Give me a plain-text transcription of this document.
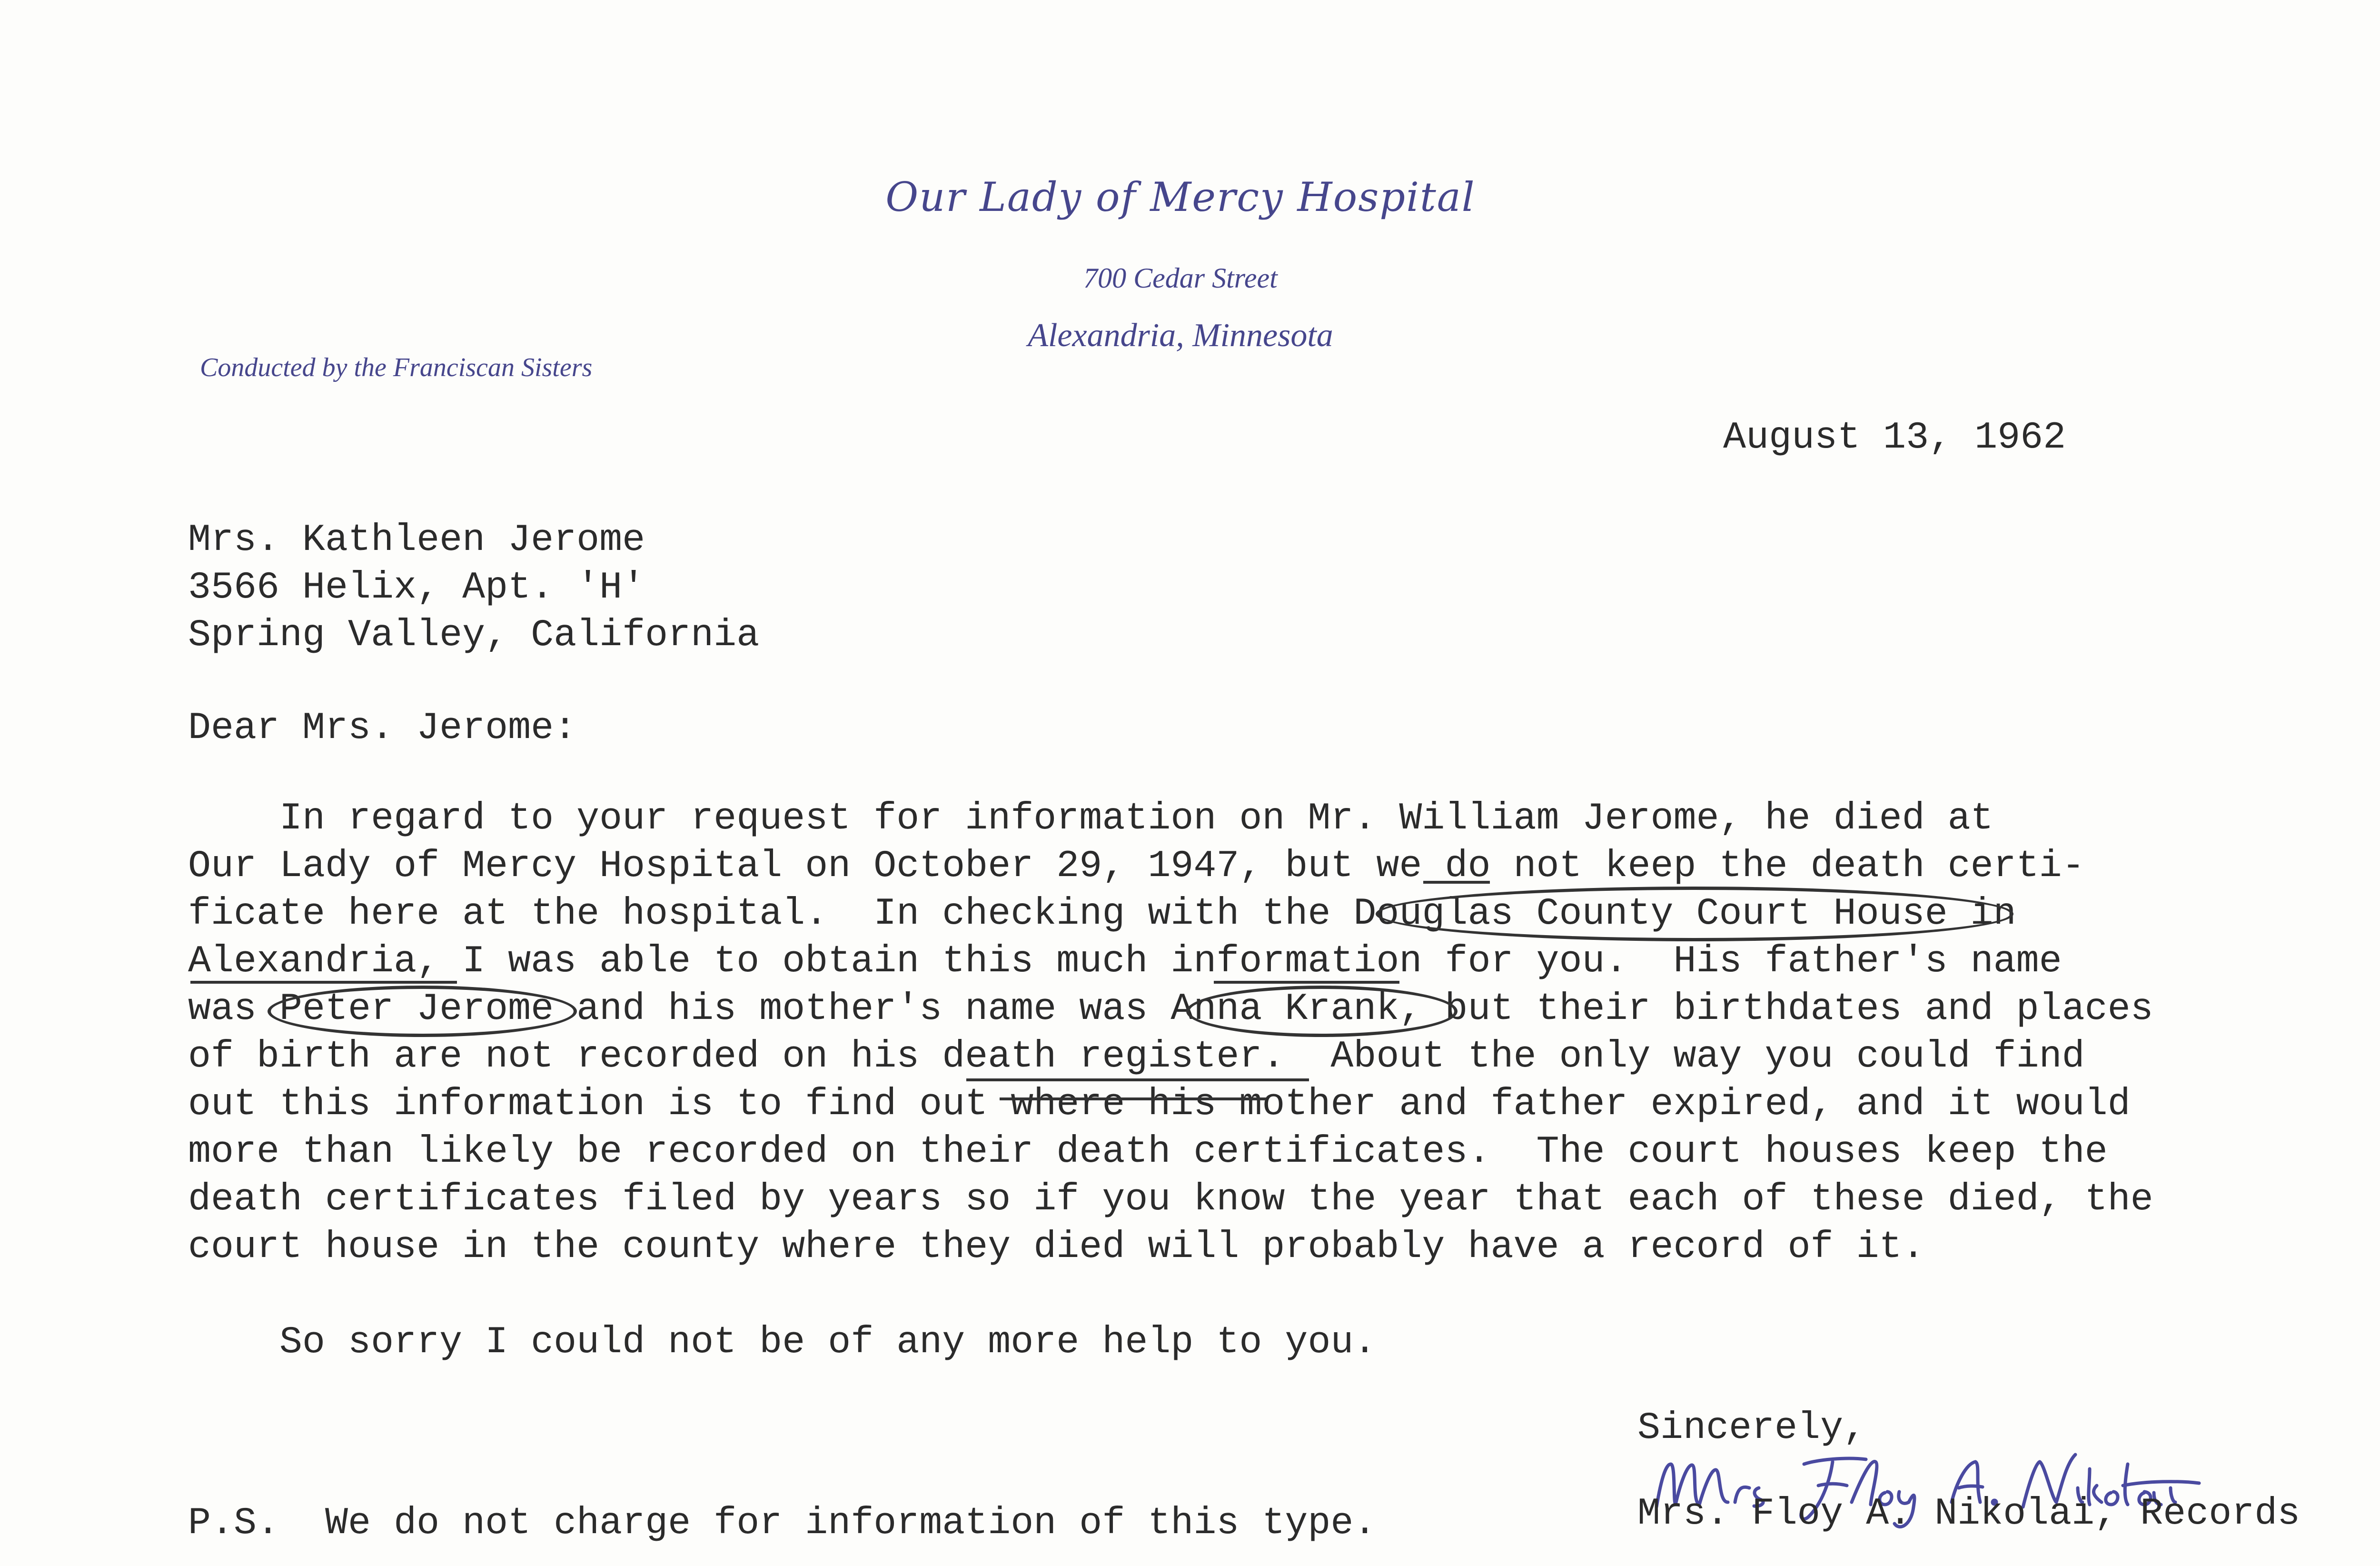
Our Lady of Mercy Hospital
700 Cedar Street
Alexandria, Minnesota
Conducted by the Franciscan Sisters
August 13, 1962
Mrs. Kathleen Jerome
3566 Helix, Apt. 'H'
Spring Valley, California
Dear Mrs. Jerome:
In regard to your request for information on Mr. William Jerome, he died at
Our Lady of Mercy Hospital on October 29, 1947, but we do not keep the death certi-
ficate here at the hospital.  In checking with the Douglas County Court House in
Alexandria, I was able to obtain this much information for you.  His father's name
was Peter Jerome and his mother's name was Anna Krank, but their birthdates and places
of birth are not recorded on his death register.  About the only way you could find
out this information is to find out where his mother and father expired, and it would
more than likely be recorded on their death certificates.  The court houses keep the
death certificates filed by years so if you know the year that each of these died, the
court house in the county where they died will probably have a record of it.
So sorry I could not be of any more help to you.
Sincerely,
P.S.  We do not charge for information of this type.	Mrs. Floy A. Nikolai, Records
